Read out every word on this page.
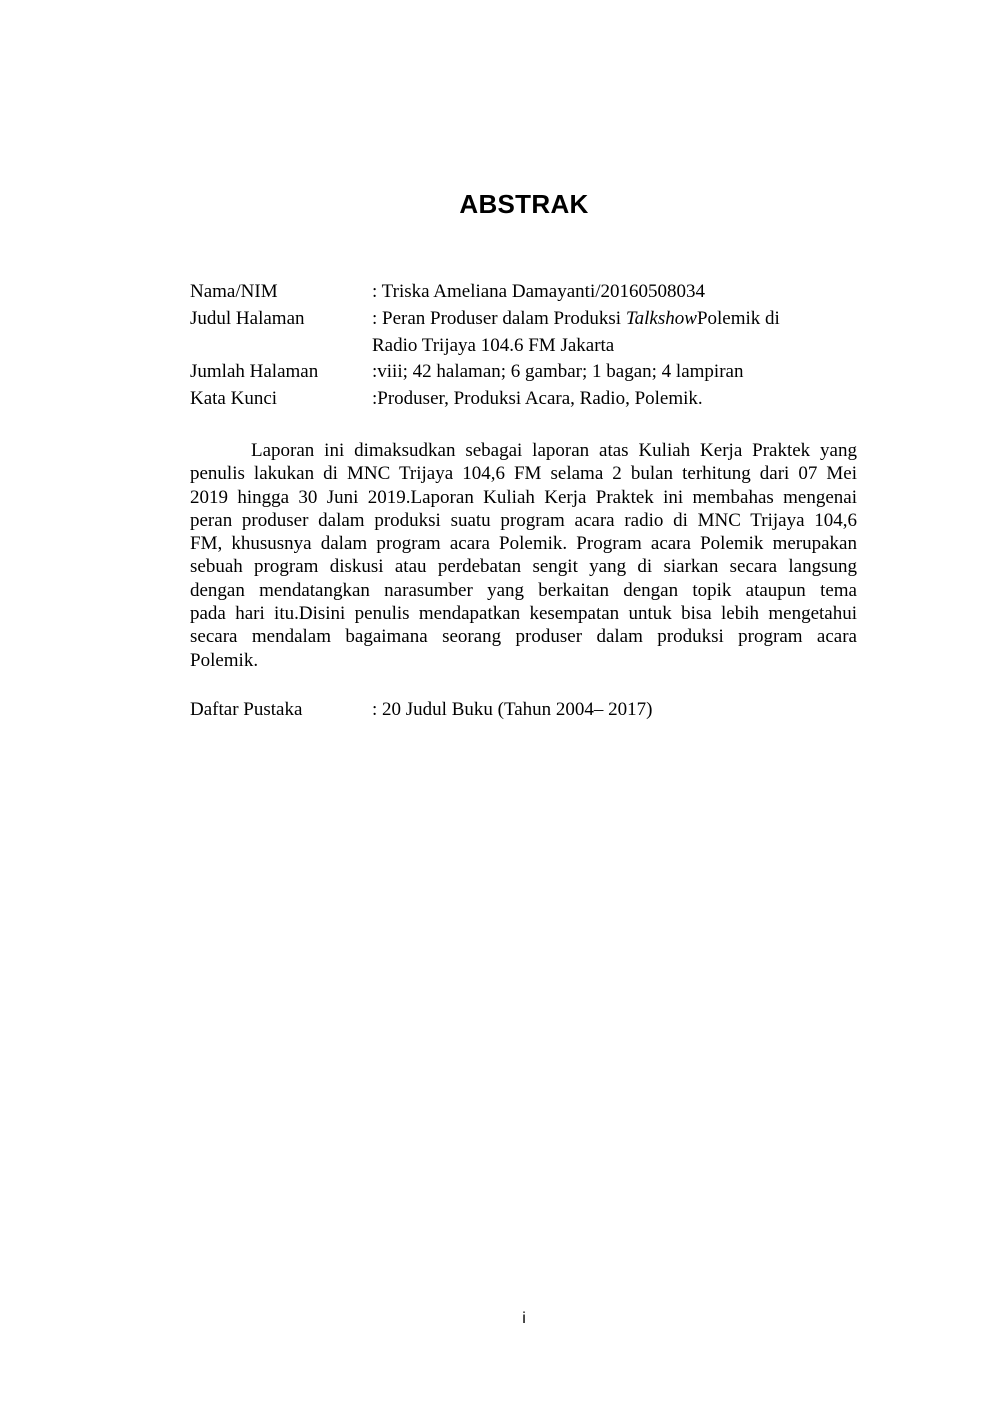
ABSTRAK
Nama/NIM	: Triska Ameliana Damayanti/20160508034
Judul Halaman	: Peran Produser dalam Produksi TalkshowPolemik di
Radio Trijaya 104.6 FM Jakarta
Jumlah Halaman	:viii; 42 halaman; 6 gambar; 1 bagan; 4 lampiran
Kata Kunci	:Produser, Produksi Acara, Radio, Polemik.
Laporan ini dimaksudkan sebagai laporan atas Kuliah Kerja Praktek yang
penulis lakukan di MNC Trijaya 104,6 FM selama 2 bulan terhitung dari 07 Mei
2019 hingga 30 Juni 2019.Laporan Kuliah Kerja Praktek ini membahas mengenai
peran produser dalam produksi suatu program acara radio di MNC Trijaya 104,6
FM, khususnya dalam program acara Polemik. Program acara Polemik merupakan
sebuah program diskusi atau perdebatan sengit yang di siarkan secara langsung
dengan mendatangkan narasumber yang berkaitan dengan topik ataupun tema
pada hari itu.Disini penulis mendapatkan kesempatan untuk bisa lebih mengetahui
secara mendalam bagaimana seorang produser dalam produksi program acara
Polemik.
Daftar Pustaka	: 20 Judul Buku (Tahun 2004– 2017)
i
